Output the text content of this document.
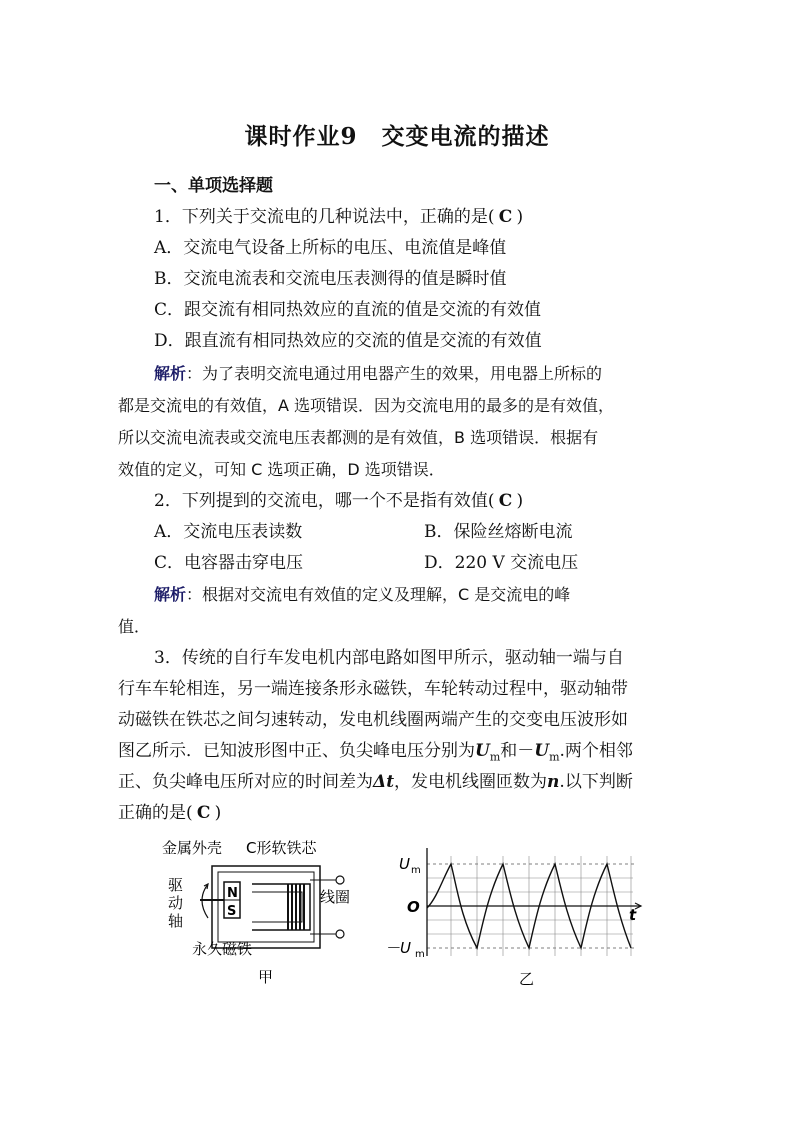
课时作业9　交变电流的描述
一、单项选择题
1．下列关于交流电的几种说法中，正确的是( C )
A．交流电气设备上所标的电压、电流值是峰值
B．交流电流表和交流电压表测得的值是瞬时值
C．跟交流有相同热效应的直流的值是交流的有效值
D．跟直流有相同热效应的交流的值是交流的有效值
解析：为了表明交流电通过用电器产生的效果，用电器上所标的
都是交流电的有效值，A 选项错误．因为交流电用的最多的是有效值，
所以交流电流表或交流电压表都测的是有效值，B 选项错误．根据有
效值的定义，可知 C 选项正确，D 选项错误．
2．下列提到的交流电，哪一个不是指有效值( C )
A．交流电压表读数	B．保险丝熔断电流
C．电容器击穿电压	D．220 V 交流电压
解析：根据对交流电有效值的定义及理解，C 是交流电的峰
值．
3．传统的自行车发电机内部电路如图甲所示，驱动轴一端与自
行车车轮相连，另一端连接条形永磁铁，车轮转动过程中，驱动轴带
动磁铁在铁芯之间匀速转动，发电机线圈两端产生的交变电压波形如
图乙所示．已知波形图中正、负尖峰电压分别为$U_m$和$-U_m$.两个相邻
正、负尖峰电压所对应的时间差为Δt，发电机线圈匝数为n.以下判断
正确的是( C )
金属外壳 C形软铁芯
N
S
驱
动
轴
线圈
永久磁铁
甲
U m
O	t
－U m
乙
